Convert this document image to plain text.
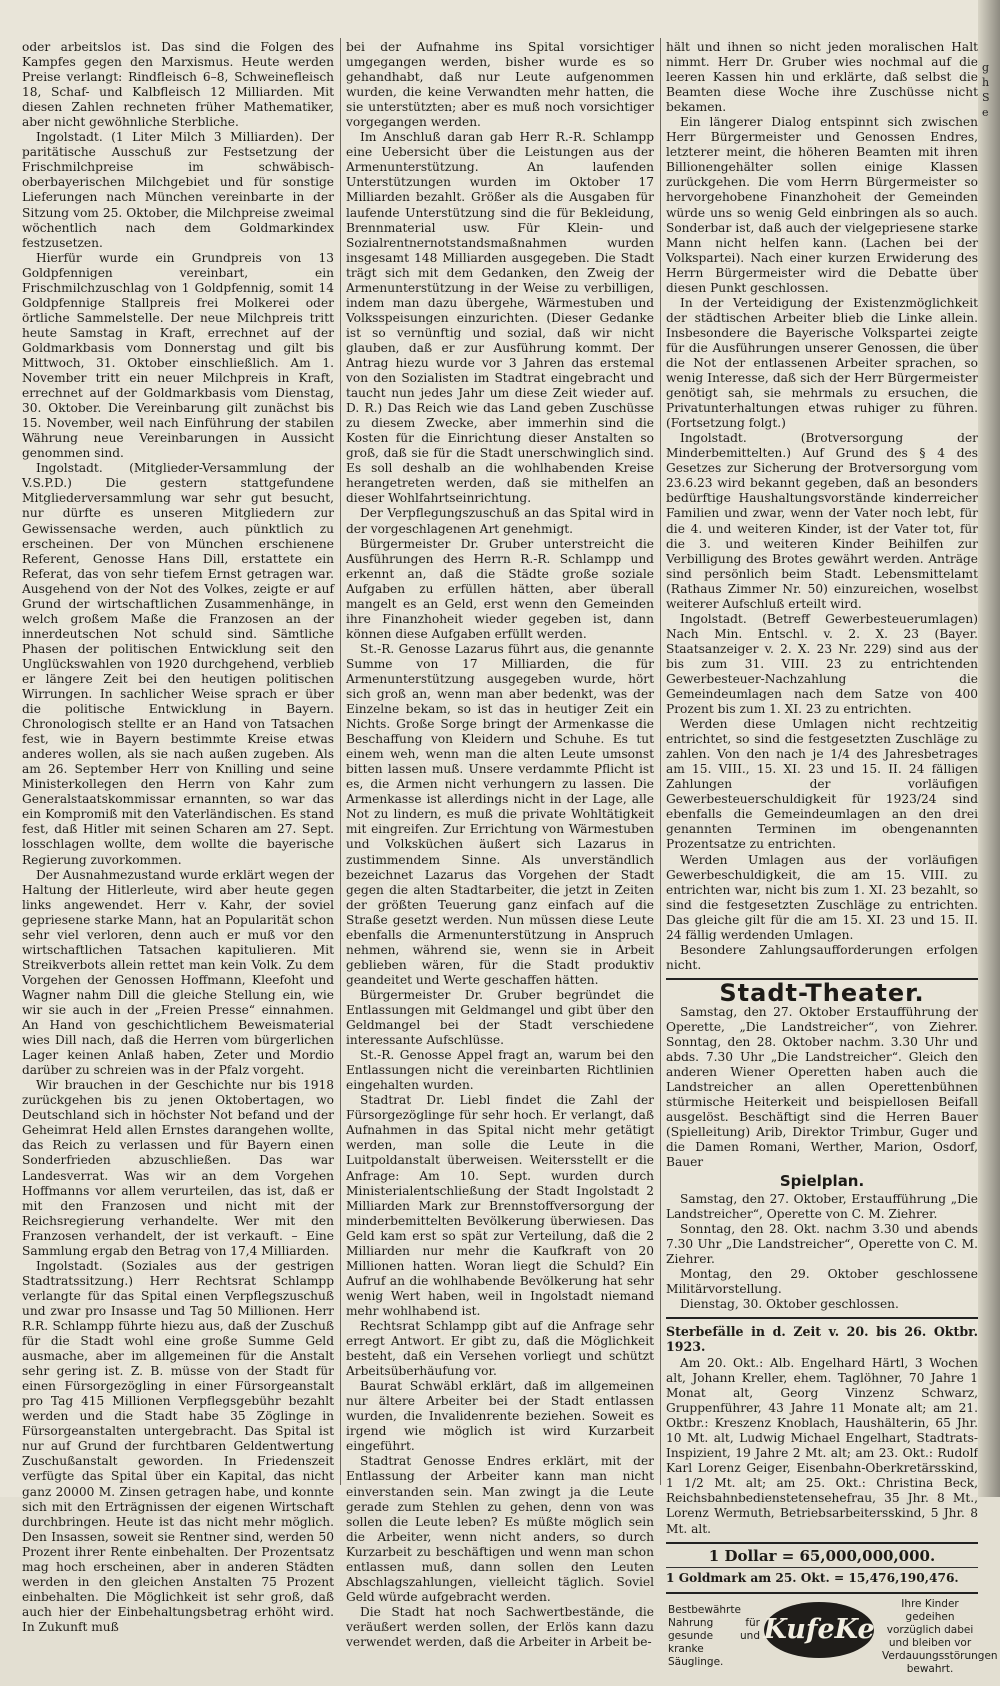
oder arbeitslos ist. Das sind die Folgen des Kampfes gegen den Marxismus. Heute werden Preise verlangt: Rindfleisch 6–8, Schweinefleisch 18, Schaf- und Kalbfleisch 12 Milliarden. Mit diesen Zahlen rechneten früher Mathematiker, aber nicht gewöhnliche Sterbliche.

Ingolstadt. (1 Liter Milch 3 Milliarden). Der paritätische Ausschuß zur Festsetzung der Frischmilchpreise im schwäbisch-oberbayerischen Milchgebiet und für sonstige Lieferungen nach München vereinbarte in der Sitzung vom 25. Oktober, die Milchpreise zweimal wöchentlich nach dem Goldmarkindex festzusetzen.

Hierfür wurde ein Grundpreis von 13 Goldpfennigen vereinbart, ein Frischmilchzuschlag von 1 Goldpfennig, somit 14 Goldpfennige Stallpreis frei Molkerei oder örtliche Sammelstelle. Der neue Milchpreis tritt heute Samstag in Kraft, errechnet auf der Goldmarkbasis vom Donnerstag und gilt bis Mittwoch, 31. Oktober einschließlich. Am 1. November tritt ein neuer Milchpreis in Kraft, errechnet auf der Goldmarkbasis vom Dienstag, 30. Oktober. Die Vereinbarung gilt zunächst bis 15. November, weil nach Einführung der stabilen Währung neue Vereinbarungen in Aussicht genommen sind.

Ingolstadt. (Mitglieder-Versammlung der V.S.P.D.) Die gestern stattgefundene Mitgliederversammlung war sehr gut besucht, nur dürfte es unseren Mitgliedern zur Gewissensache werden, auch pünktlich zu erscheinen. Der von München erschienene Referent, Genosse Hans Dill, erstattete ein Referat, das von sehr tiefem Ernst getragen war. Ausgehend von der Not des Volkes, zeigte er auf Grund der wirtschaftlichen Zusammenhänge, in welch großem Maße die Franzosen an der innerdeutschen Not schuld sind. Sämtliche Phasen der politischen Entwicklung seit den Unglückswahlen von 1920 durchgehend, verblieb er längere Zeit bei den heutigen politischen Wirrungen. In sachlicher Weise sprach er über die politische Entwicklung in Bayern. Chronologisch stellte er an Hand von Tatsachen fest, wie in Bayern bestimmte Kreise etwas anderes wollen, als sie nach außen zugeben. Als am 26. September Herr von Knilling und seine Ministerkollegen den Herrn von Kahr zum Generalstaatskommissar ernannten, so war das ein Kompromiß mit den Vaterländischen. Es stand fest, daß Hitler mit seinen Scharen am 27. Sept. losschlagen wollte, dem wollte die bayerische Regierung zuvorkommen.

Der Ausnahmezustand wurde erklärt wegen der Haltung der Hitlerleute, wird aber heute gegen links angewendet. Herr v. Kahr, der soviel gepriesene starke Mann, hat an Popularität schon sehr viel verloren, denn auch er muß vor den wirtschaftlichen Tatsachen kapitulieren. Mit Streikverbots allein rettet man kein Volk. Zu dem Vorgehen der Genossen Hoffmann, Kleefoht und Wagner nahm Dill die gleiche Stellung ein, wie wir sie auch in der „Freien Presse“ einnahmen. An Hand von geschichtlichem Beweismaterial wies Dill nach, daß die Herren vom bürgerlichen Lager keinen Anlaß haben, Zeter und Mordio darüber zu schreien was in der Pfalz vorgeht.

Wir brauchen in der Geschichte nur bis 1918 zurückgehen bis zu jenen Oktobertagen, wo Deutschland sich in höchster Not befand und der Geheimrat Held allen Ernstes darangehen wollte, das Reich zu verlassen und für Bayern einen Sonderfrieden abzuschließen. Das war Landesverrat. Was wir an dem Vorgehen Hoffmanns vor allem verurteilen, das ist, daß er mit den Franzosen und nicht mit der Reichsregierung verhandelte. Wer mit den Franzosen verhandelt, der ist verkauft. – Eine Sammlung ergab den Betrag von 17,4 Milliarden.

Ingolstadt. (Soziales aus der gestrigen Stadtratssitzung.) Herr Rechtsrat Schlampp verlangte für das Spital einen Verpflegszuschuß und zwar pro Insasse und Tag 50 Millionen. Herr R.R. Schlampp führte hiezu aus, daß der Zuschuß für die Stadt wohl eine große Summe Geld ausmache, aber im allgemeinen für die Anstalt sehr gering ist. Z. B. müsse von der Stadt für einen Fürsorgezögling in einer Fürsorgeanstalt pro Tag 415 Millionen Verpflegsgebühr bezahlt werden und die Stadt habe 35 Zöglinge in Fürsorgeanstalten untergebracht. Das Spital ist nur auf Grund der furchtbaren Geldentwertung Zuschußanstalt geworden. In Friedenszeit verfügte das Spital über ein Kapital, das nicht ganz 20000 M. Zinsen getragen habe, und konnte sich mit den Erträgnissen der eigenen Wirtschaft durchbringen. Heute ist das nicht mehr möglich. Den Insassen, soweit sie Rentner sind, werden 50 Prozent ihrer Rente einbehalten. Der Prozentsatz mag hoch erscheinen, aber in anderen Städten werden in den gleichen Anstalten 75 Prozent einbehalten. Die Möglichkeit ist sehr groß, daß auch hier der Einbehaltungsbetrag erhöht wird. In Zukunft muß

bei der Aufnahme ins Spital vorsichtiger umgegangen werden, bisher wurde es so gehandhabt, daß nur Leute aufgenommen wurden, die keine Verwandten mehr hatten, die sie unterstützten; aber es muß noch vorsichtiger vorgegangen werden.

Im Anschluß daran gab Herr R.-R. Schlampp eine Uebersicht über die Leistungen aus der Armenunterstützung. An laufenden Unterstützungen wurden im Oktober 17 Milliarden bezahlt. Größer als die Ausgaben für laufende Unterstützung sind die für Bekleidung, Brennmaterial usw. Für Klein- und Sozialrentnernotstandsmaßnahmen wurden insgesamt 148 Milliarden ausgegeben. Die Stadt trägt sich mit dem Gedanken, den Zweig der Armenunterstützung in der Weise zu verbilligen, indem man dazu übergehe, Wärmestuben und Volksspeisungen einzurichten. (Dieser Gedanke ist so vernünftig und sozial, daß wir nicht glauben, daß er zur Ausführung kommt. Der Antrag hiezu wurde vor 3 Jahren das erstemal von den Sozialisten im Stadtrat eingebracht und taucht nun jedes Jahr um diese Zeit wieder auf. D. R.) Das Reich wie das Land geben Zuschüsse zu diesem Zwecke, aber immerhin sind die Kosten für die Einrichtung dieser Anstalten so groß, daß sie für die Stadt unerschwinglich sind. Es soll deshalb an die wohlhabenden Kreise herangetreten werden, daß sie mithelfen an dieser Wohlfahrtseinrichtung.

Der Verpflegungszuschuß an das Spital wird in der vorgeschlagenen Art genehmigt.

Bürgermeister Dr. Gruber unterstreicht die Ausführungen des Herrn R.-R. Schlampp und erkennt an, daß die Städte große soziale Aufgaben zu erfüllen hätten, aber überall mangelt es an Geld, erst wenn den Gemeinden ihre Finanzhoheit wieder gegeben ist, dann können diese Aufgaben erfüllt werden.

St.-R. Genosse Lazarus führt aus, die genannte Summe von 17 Milliarden, die für Armenunterstützung ausgegeben wurde, hört sich groß an, wenn man aber bedenkt, was der Einzelne bekam, so ist das in heutiger Zeit ein Nichts. Große Sorge bringt der Armenkasse die Beschaffung von Kleidern und Schuhe. Es tut einem weh, wenn man die alten Leute umsonst bitten lassen muß. Unsere verdammte Pflicht ist es, die Armen nicht verhungern zu lassen. Die Armenkasse ist allerdings nicht in der Lage, alle Not zu lindern, es muß die private Wohltätigkeit mit eingreifen. Zur Errichtung von Wärmestuben und Volksküchen äußert sich Lazarus in zustimmendem Sinne. Als unverständlich bezeichnet Lazarus das Vorgehen der Stadt gegen die alten Stadtarbeiter, die jetzt in Zeiten der größten Teuerung ganz einfach auf die Straße gesetzt werden. Nun müssen diese Leute ebenfalls die Armenunterstützung in Anspruch nehmen, während sie, wenn sie in Arbeit geblieben wären, für die Stadt produktiv geandeitet und Werte geschaffen hätten.

Bürgermeister Dr. Gruber begründet die Entlassungen mit Geldmangel und gibt über den Geldmangel bei der Stadt verschiedene interessante Aufschlüsse.

St.-R. Genosse Appel fragt an, warum bei den Entlassungen nicht die vereinbarten Richtlinien eingehalten wurden.

Stadtrat Dr. Liebl findet die Zahl der Fürsorgezöglinge für sehr hoch. Er verlangt, daß Aufnahmen in das Spital nicht mehr getätigt werden, man solle die Leute in die Luitpoldanstalt überweisen. Weitersstellt er die Anfrage: Am 10. Sept. wurden durch Ministerialentschließung der Stadt Ingolstadt 2 Milliarden Mark zur Brennstoffversorgung der minderbemittelten Bevölkerung überwiesen. Das Geld kam erst so spät zur Verteilung, daß die 2 Milliarden nur mehr die Kaufkraft von 20 Millionen hatten. Woran liegt die Schuld? Ein Aufruf an die wohlhabende Bevölkerung hat sehr wenig Wert haben, weil in Ingolstadt niemand mehr wohlhabend ist.

Rechtsrat Schlampp gibt auf die Anfrage sehr erregt Antwort. Er gibt zu, daß die Möglichkeit besteht, daß ein Versehen vorliegt und schützt Arbeitsüberhäufung vor.

Baurat Schwäbl erklärt, daß im allgemeinen nur ältere Arbeiter bei der Stadt entlassen wurden, die Invalidenrente beziehen. Soweit es irgend wie möglich ist wird Kurzarbeit eingeführt.

Stadtrat Genosse Endres erklärt, mit der Entlassung der Arbeiter kann man nicht einverstanden sein. Man zwingt ja die Leute gerade zum Stehlen zu gehen, denn von was sollen die Leute leben? Es müßte möglich sein die Arbeiter, wenn nicht anders, so durch Kurzarbeit zu beschäftigen und wenn man schon entlassen muß, dann sollen den Leuten Abschlagszahlungen, vielleicht täglich. Soviel Geld würde aufgebracht werden.

Die Stadt hat noch Sachwertbestände, die veräußert werden sollen, der Erlös kann dazu verwendet werden, daß die Arbeiter in Arbeit be-

hält und ihnen so nicht jeden moralischen Halt nimmt. Herr Dr. Gruber wies nochmal auf die leeren Kassen hin und erklärte, daß selbst die Beamten diese Woche ihre Zuschüsse nicht bekamen.

Ein längerer Dialog entspinnt sich zwischen Herr Bürgermeister und Genossen Endres, letzterer meint, die höheren Beamten mit ihren Billionengehälter sollen einige Klassen zurückgehen. Die vom Herrn Bürgermeister so hervorgehobene Finanzhoheit der Gemeinden würde uns so wenig Geld einbringen als so auch. Sonderbar ist, daß auch der vielgepriesene starke Mann nicht helfen kann. (Lachen bei der Volkspartei). Nach einer kurzen Erwiderung des Herrn Bürgermeister wird die Debatte über diesen Punkt geschlossen.

In der Verteidigung der Existenzmöglichkeit der städtischen Arbeiter blieb die Linke allein. Insbesondere die Bayerische Volkspartei zeigte für die Ausführungen unserer Genossen, die über die Not der entlassenen Arbeiter sprachen, so wenig Interesse, daß sich der Herr Bürgermeister genötigt sah, sie mehrmals zu ersuchen, die Privatunterhaltungen etwas ruhiger zu führen. (Fortsetzung folgt.)

Ingolstadt. (Brotversorgung der Minderbemittelten.) Auf Grund des § 4 des Gesetzes zur Sicherung der Brotversorgung vom 23.6.23 wird bekannt gegeben, daß an besonders bedürftige Haushaltungsvorstände kinderreicher Familien und zwar, wenn der Vater noch lebt, für die 4. und weiteren Kinder, ist der Vater tot, für die 3. und weiteren Kinder Beihilfen zur Verbilligung des Brotes gewährt werden. Anträge sind persönlich beim Stadt. Lebensmittelamt (Rathaus Zimmer Nr. 50) einzureichen, woselbst weiterer Aufschluß erteilt wird.

Ingolstadt. (Betreff Gewerbesteuerumlagen) Nach Min. Entschl. v. 2. X. 23 (Bayer. Staatsanzeiger v. 2. X. 23 Nr. 229) sind aus der bis zum 31. VIII. 23 zu entrichtenden Gewerbesteuer-Nachzahlung die Gemeindeumlagen nach dem Satze von 400 Prozent bis zum 1. XI. 23 zu entrichten.

Werden diese Umlagen nicht rechtzeitig entrichtet, so sind die festgesetzten Zuschläge zu zahlen. Von den nach je 1/4 des Jahresbetrages am 15. VIII., 15. XI. 23 und 15. II. 24 fälligen Zahlungen der vorläufigen Gewerbesteuerschuldigkeit für 1923/24 sind ebenfalls die Gemeindeumlagen an den drei genannten Terminen im obengenannten Prozentsatze zu entrichten.

Werden Umlagen aus der vorläufigen Gewerbeschuldigkeit, die am 15. VIII. zu entrichten war, nicht bis zum 1. XI. 23 bezahlt, so sind die festgesetzten Zuschläge zu entrichten. Das gleiche gilt für die am 15. XI. 23 und 15. II. 24 fällig werdenden Umlagen.

Besondere Zahlungsaufforderungen erfolgen nicht.

Stadt-Theater.

Samstag, den 27. Oktober Erstaufführung der Operette, „Die Landstreicher“, von Ziehrer. Sonntag, den 28. Oktober nachm. 3.30 Uhr und abds. 7.30 Uhr „Die Landstreicher“. Gleich den anderen Wiener Operetten haben auch die Landstreicher an allen Operettenbühnen stürmische Heiterkeit und beispiellosen Beifall ausgelöst. Beschäftigt sind die Herren Bauer (Spielleitung) Arib, Direktor Trimbur, Guger und die Damen Romani, Werther, Marion, Osdorf, Bauer

Spielplan.

Samstag, den 27. Oktober, Erstaufführung „Die Landstreicher“, Operette von C. M. Ziehrer.

Sonntag, den 28. Okt. nachm 3.30 und abends 7.30 Uhr „Die Landstreicher“, Operette von C. M. Ziehrer.

Montag, den 29. Oktober geschlossene Militärvorstellung.

Dienstag, 30. Oktober geschlossen.

Sterbefälle in d. Zeit v. 20. bis 26. Oktbr. 1923.

Am 20. Okt.: Alb. Engelhard Härtl, 3 Wochen alt, Johann Kreller, ehem. Taglöhner, 70 Jahre 1 Monat alt, Georg Vinzenz Schwarz, Gruppenführer, 43 Jahre 11 Monate alt; am 21. Oktbr.: Kreszenz Knoblach, Haushälterin, 65 Jhr. 10 Mt. alt, Ludwig Michael Engelhart, Stadtrats-Inspizient, 19 Jahre 2 Mt. alt; am 23. Okt.: Rudolf Karl Lorenz Geiger, Eisenbahn-Oberkretärsskind, 1 1/2 Mt. alt; am 25. Okt.: Christina Beck, Reichsbahnbedienstetensehefrau, 35 Jhr. 8 Mt., Lorenz Wermuth, Betriebsarbeitersskind, 5 Jhr. 8 Mt. alt.

1 Dollar = 65,000,000,000.
1 Goldmark am 25. Okt. = 15,476,190,476.
Bestbewährte Nahrung für gesunde und kranke Säuglinge.
KufeKe
Ihre Kinder gedeihen vorzüglich dabei und bleiben vor Verdauungsstörungen bewahrt.
ghSe
